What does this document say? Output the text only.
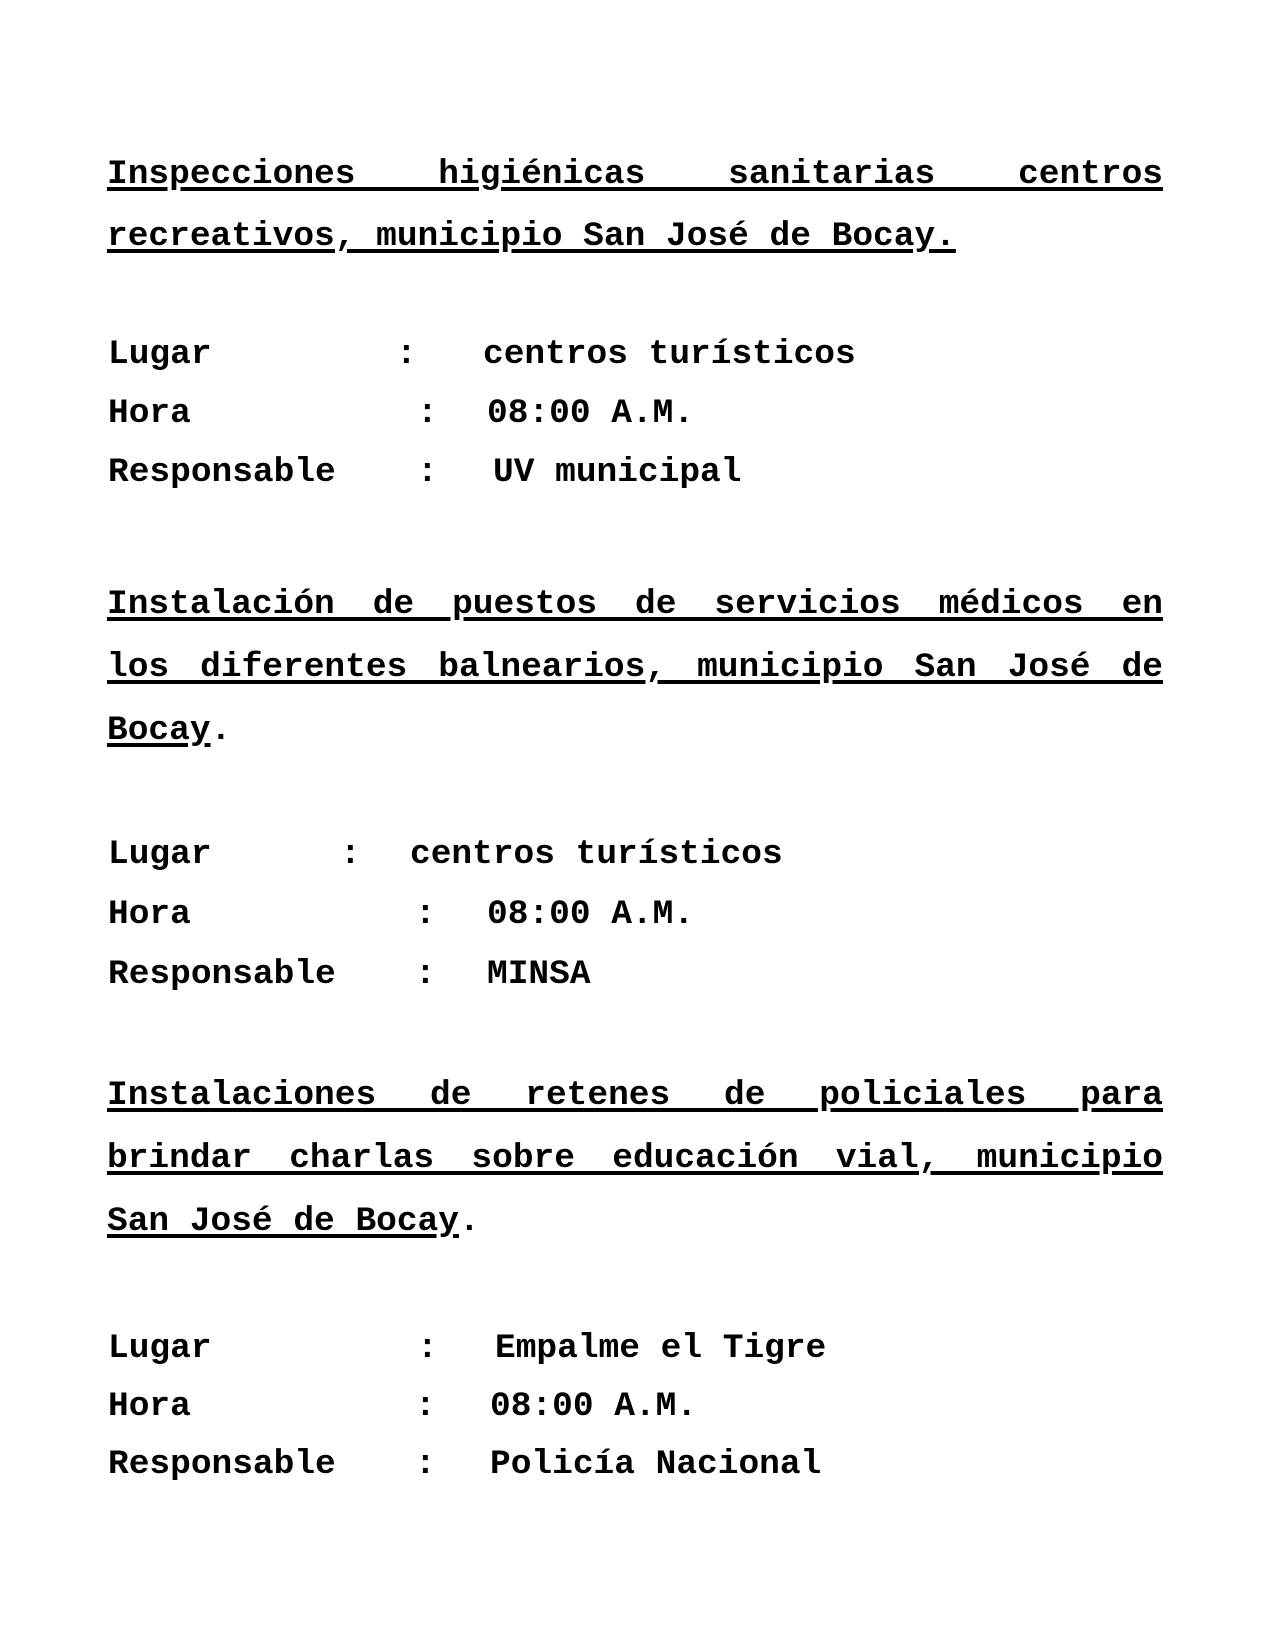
Inspecciones higiénicas sanitarias centros
recreativos, municipio San José de Bocay.
Lugar	: centros turísticos
Hora	: 08:00 A.M.
Responsable : UV municipal
Instalación de puestos de servicios médicos en
los diferentes balnearios, municipio San José de
Bocay.
Lugar	: centros turísticos
Hora	: 08:00 A.M.
Responsable : MINSA
Instalaciones de retenes de policiales para
brindar charlas sobre educación vial, municipio
San José de Bocay.
Lugar	: Empalme el Tigre
Hora	: 08:00 A.M.
Responsable : Policía Nacional
